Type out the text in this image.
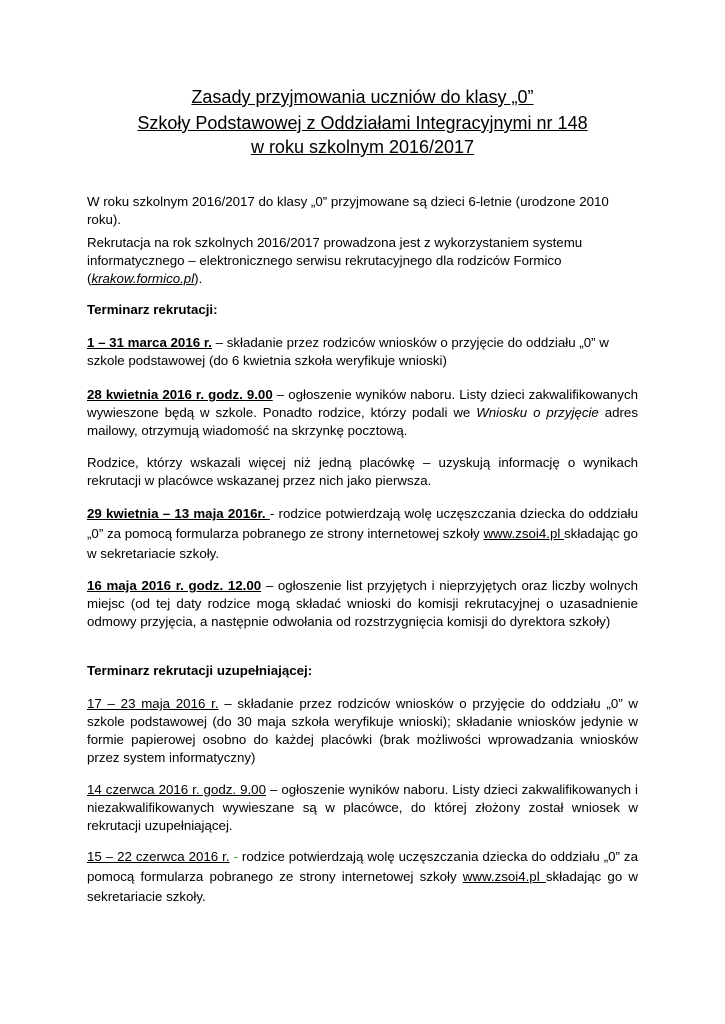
Zasady przyjmowania uczniów do klasy „0”
Szkoły Podstawowej z Oddziałami Integracyjnymi nr 148
w roku szkolnym 2016/2017

W roku szkolnym 2016/2017 do klasy „0” przyjmowane są dzieci 6-letnie (urodzone 2010 roku).

Rekrutacja na rok szkolnych 2016/2017 prowadzona jest z wykorzystaniem systemu informatycznego – elektronicznego serwisu rekrutacyjnego dla rodziców Formico (krakow.formico.pl).

Terminarz rekrutacji:

1 – 31 marca 2016 r. – składanie przez rodziców wniosków o przyjęcie do oddziału „0” w szkole podstawowej (do 6 kwietnia szkoła weryfikuje wnioski)

28 kwietnia 2016 r. godz. 9.00 – ogłoszenie wyników naboru. Listy dzieci zakwalifikowanych wywieszone będą w szkole. Ponadto rodzice, którzy podali we Wniosku o przyjęcie adres mailowy, otrzymują wiadomość na skrzynkę pocztową.

Rodzice, którzy wskazali więcej niż jedną placówkę – uzyskują informację o wynikach rekrutacji w placówce wskazanej przez nich jako pierwsza.

29 kwietnia – 13 maja 2016r. - rodzice potwierdzają wolę uczęszczania dziecka do oddziału „0” za pomocą formularza pobranego ze strony internetowej szkoły www.zsoi4.pl składając go w sekretariacie szkoły.

16 maja 2016 r. godz. 12.00 – ogłoszenie list przyjętych i nieprzyjętych oraz liczby wolnych miejsc (od tej daty rodzice mogą składać wnioski do komisji rekrutacyjnej o uzasadnienie odmowy przyjęcia, a następnie odwołania od rozstrzygnięcia komisji do dyrektora szkoły)

Terminarz rekrutacji uzupełniającej:

17 – 23 maja 2016 r. – składanie przez rodziców wniosków o przyjęcie do oddziału „0” w szkole podstawowej (do 30 maja szkoła weryfikuje wnioski); składanie wniosków jedynie w formie papierowej osobno do każdej placówki (brak możliwości wprowadzania wniosków przez system informatyczny)

14 czerwca 2016 r. godz. 9.00 – ogłoszenie wyników naboru. Listy dzieci zakwalifikowanych i niezakwalifikowanych wywieszane są w placówce, do której złożony został wniosek w rekrutacji uzupełniającej.

15 – 22 czerwca 2016 r. - rodzice potwierdzają wolę uczęszczania dziecka do oddziału „0” za pomocą formularza pobranego ze strony internetowej szkoły www.zsoi4.pl składając go w sekretariacie szkoły.
